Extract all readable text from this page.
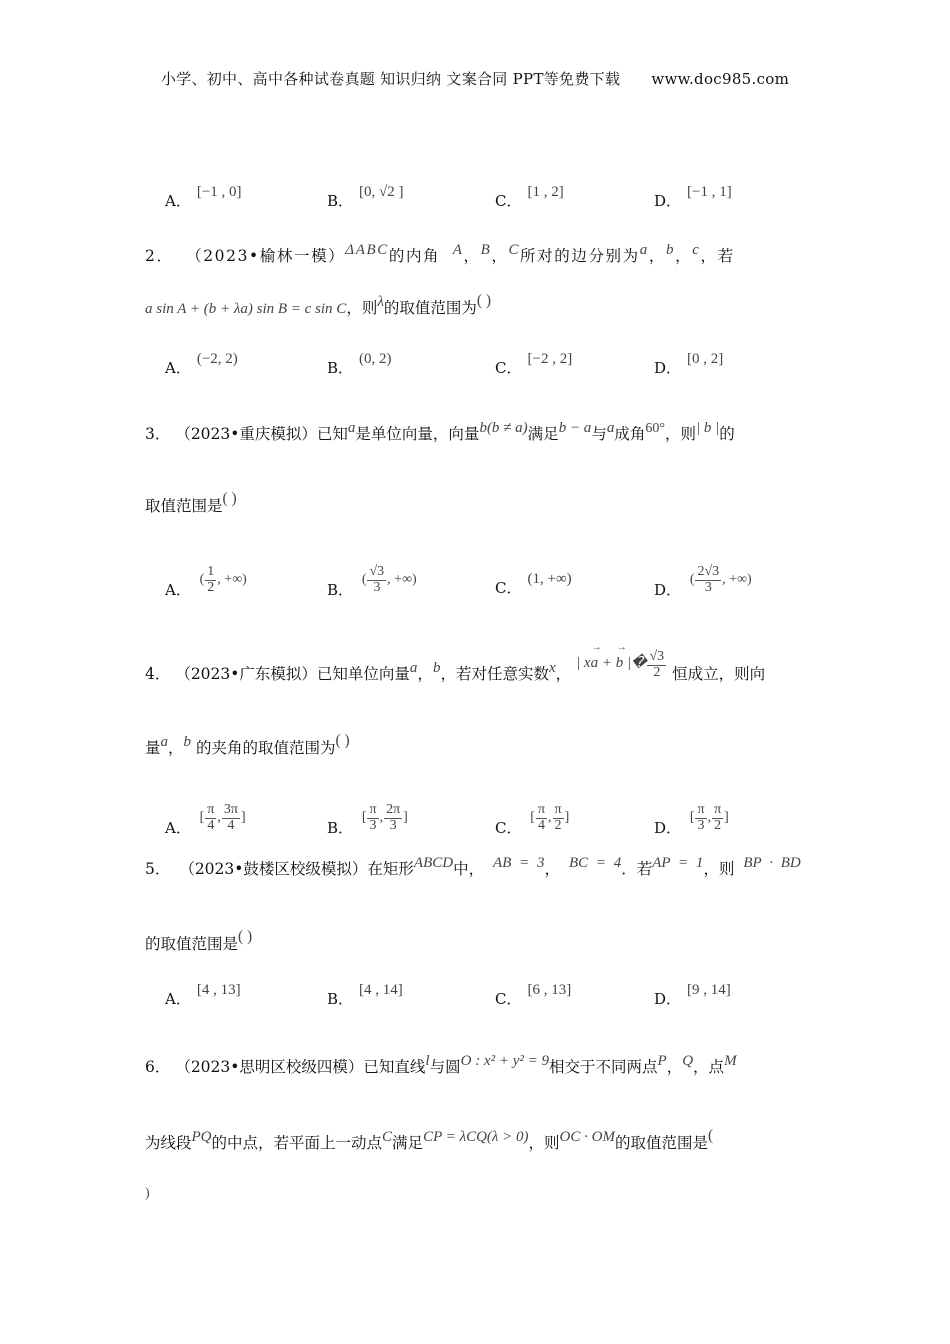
小学、初中、高中各种试卷真题 知识归纳 文案合同 PPT等免费下载 www.doc985.com
A．[−1 , 0]
B．[0, √2 ]
C．[1 , 2]
D．[−1 , 1]
2． （2023•榆林一模）ΔABC的内角 A，B，C所对的边分别为a，b，c，若
a sin A + (b + λa) sin B = c sin C，则λ的取值范围为( )
A．(−2, 2)
B．(0, 2)
C．[−2 , 2]
D．[0 , 2]
3． （2023•重庆模拟）已知a是单位向量，向量b(b ≠ a)满足b − a与a成角60°，则| b |的
取值范围是( )
A．
( $\frac{1}{2}$ , +∞)
B．
( $\frac{√3}{3}$ , +∞)	C．(1, +∞)
D．
( $\frac{2√3}{3}$ , +∞)
4． （2023•广东模拟）已知单位向量a，b，若对任意实数x， | x→ a + → b |� $\frac{√3}{2}$ 恒成立，则向
量a，b 的夹角的取值范围为( )
A． [ $\frac{\pi}{4}$ , $\frac{3\pi}{4}$ ]
B． [ $\frac{\pi}{3}$ , $\frac{2\pi}{3}$ ]
C． [ $\frac{\pi}{4}$ , $\frac{\pi}{2}$ ]
D． [ $\frac{\pi}{3}$ , $\frac{\pi}{2}$ ]
5． （2023•鼓楼区校级模拟）在矩形ABCD中， AB = 3， BC = 4．若AP = 1，则 BP · BD
的取值范围是( )
A．[4 , 13]
B．[4 , 14]
C．[6 , 13]
D．[9 , 14]
6． （2023•思明区校级四模）已知直线l与圆O : x² + y² = 9相交于不同两点P，Q，点M
为线段PQ的中点，若平面上一动点C满足CP = λCQ(λ > 0)，则OC · OM的取值范围是(
)
